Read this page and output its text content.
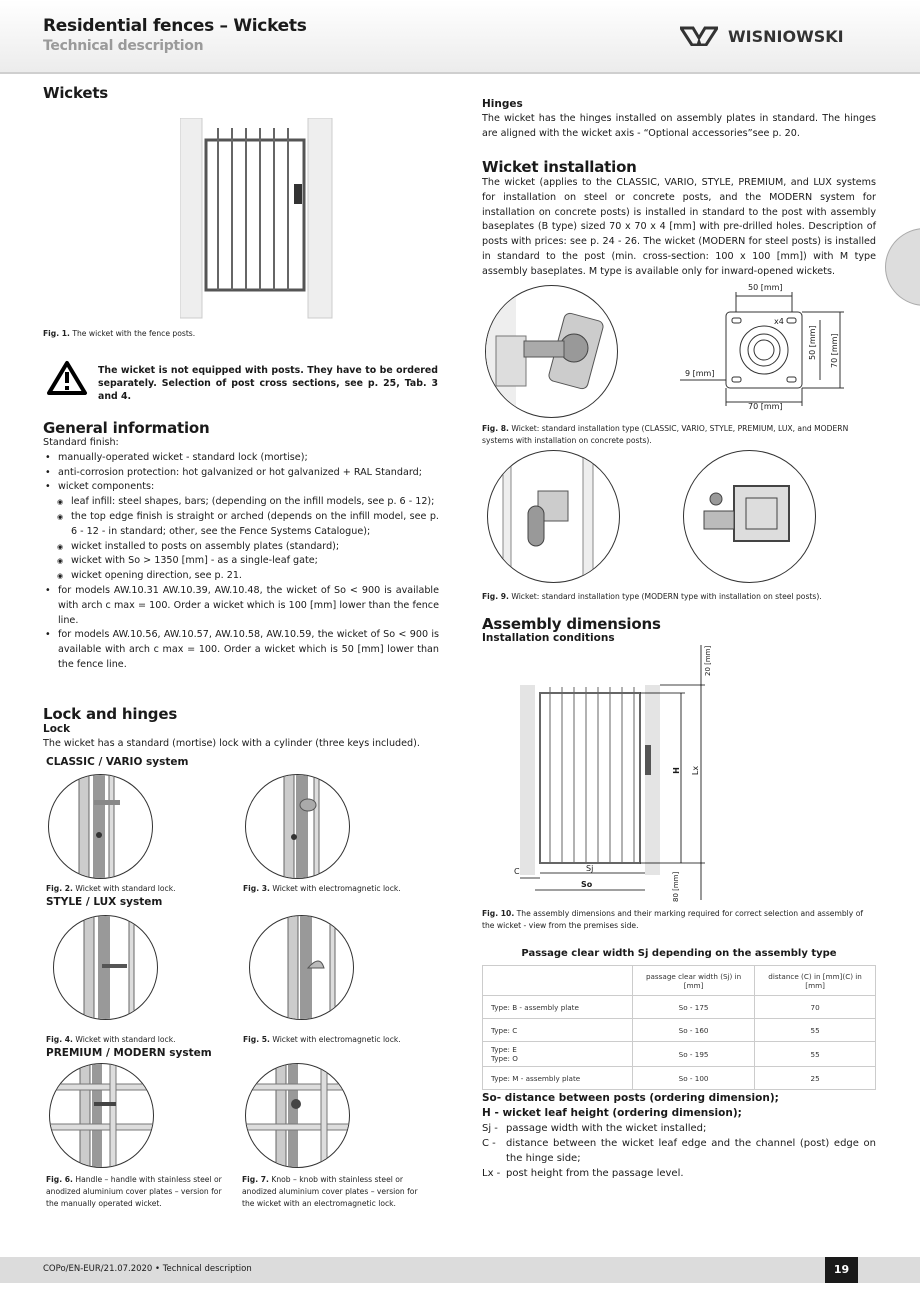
Residential fences – Wickets
Technical description
WISNIOWSKI
Wickets
Fig. 1. The wicket with the fence posts.
The wicket is not equipped with posts. They have to be ordered separately. Selection of post cross sections, see p. 25, Tab. 3 and 4.
General information
Standard finish:
• manually-operated wicket - standard lock (mortise);
• anti-corrosion protection: hot galvanized or hot galvanized + RAL Standard;
• wicket components:
◉ leaf infill: steel shapes, bars; (depending on the infill models, see p. 6 - 12);
◉ the top edge finish is straight or arched (depends on the infill model, see p. 6 - 12 - in standard; other, see the Fence Systems Catalogue);
◉ wicket installed to posts on assembly plates (standard);
◉ wicket with So > 1350 [mm] - as a single-leaf gate;
◉ wicket opening direction, see p. 21.
• for models AW.10.31 AW.10.39, AW.10.48, the wicket of So < 900 is available with arch c max = 100. Order a wicket which is 100 [mm] lower than the fence line.
• for models AW.10.56, AW.10.57, AW.10.58, AW.10.59, the wicket of So < 900 is available with arch c max = 100. Order a wicket which is 50 [mm] lower than the fence line.
Lock and hinges
Lock
The wicket has a standard (mortise) lock with a cylinder (three keys included).
CLASSIC / VARIO system
STYLE / LUX system
PREMIUM / MODERN system
Fig. 2. Wicket with standard lock.	Fig. 3. Wicket with electromagnetic lock.
Fig. 4. Wicket with standard lock.	Fig. 5. Wicket with electromagnetic lock.
Fig. 6. Handle – handle with stainless steel or anodized aluminium cover plates – version for the manually operated wicket.
Fig. 7. Knob – knob with stainless steel or anodized aluminium cover plates – version for the wicket with an electromagnetic lock.
Hinges
The wicket has the hinges installed on assembly plates in standard. The hinges are aligned with the wicket axis - “Optional accessories”see p. 20.
Wicket installation
The wicket (applies to the CLASSIC, VARIO, STYLE, PREMIUM, and LUX systems for installation on steel or concrete posts, and the MODERN system for installation on concrete posts) is installed in standard to the post with assembly baseplates (B type) sized 70 x 70 x 4 [mm] with pre-drilled holes. Description of posts with prices: see p. 24 - 26. The wicket (MODERN for steel posts) is installed in standard to the post (min. cross-section: 100 x 100 [mm]) with M type assembly baseplates. M type is available only for inward-opened wickets.
50 [mm]
x4
50 [mm] 70 [mm]
9 [mm]
70 [mm]
Fig. 8. Wicket: standard installation type (CLASSIC, VARIO, STYLE, PREMIUM, LUX, and MODERN systems with installation on concrete posts).
Fig. 9. Wicket: standard installation type (MODERN type with installation on steel posts).
Assembly dimensions
Installation conditions
20 [mm]
H Lx
C	Sj
So	80 [mm]
Fig. 10. The assembly dimensions and their marking required for correct selection and assembly of the wicket - view from the premises side.
Passage clear width Sj depending on the assembly type
	passage clear width (Sj) in [mm]	distance (C) in [mm](C) in [mm]
Type: B - assembly plate	So - 175	70
Type: C	So - 160	55
Type: E
Type: O	So - 195	55
Type: M - assembly plate	So - 100	25
So- distance between posts (ordering dimension);
H - wicket leaf height (ordering dimension);
Sj - passage width with the wicket installed;
C -	distance between the wicket leaf edge and the channel (post) edge on the hinge side;
Lx - post height from the passage level.
COPo/EN-EUR/21.07.2020 • Technical description	19
